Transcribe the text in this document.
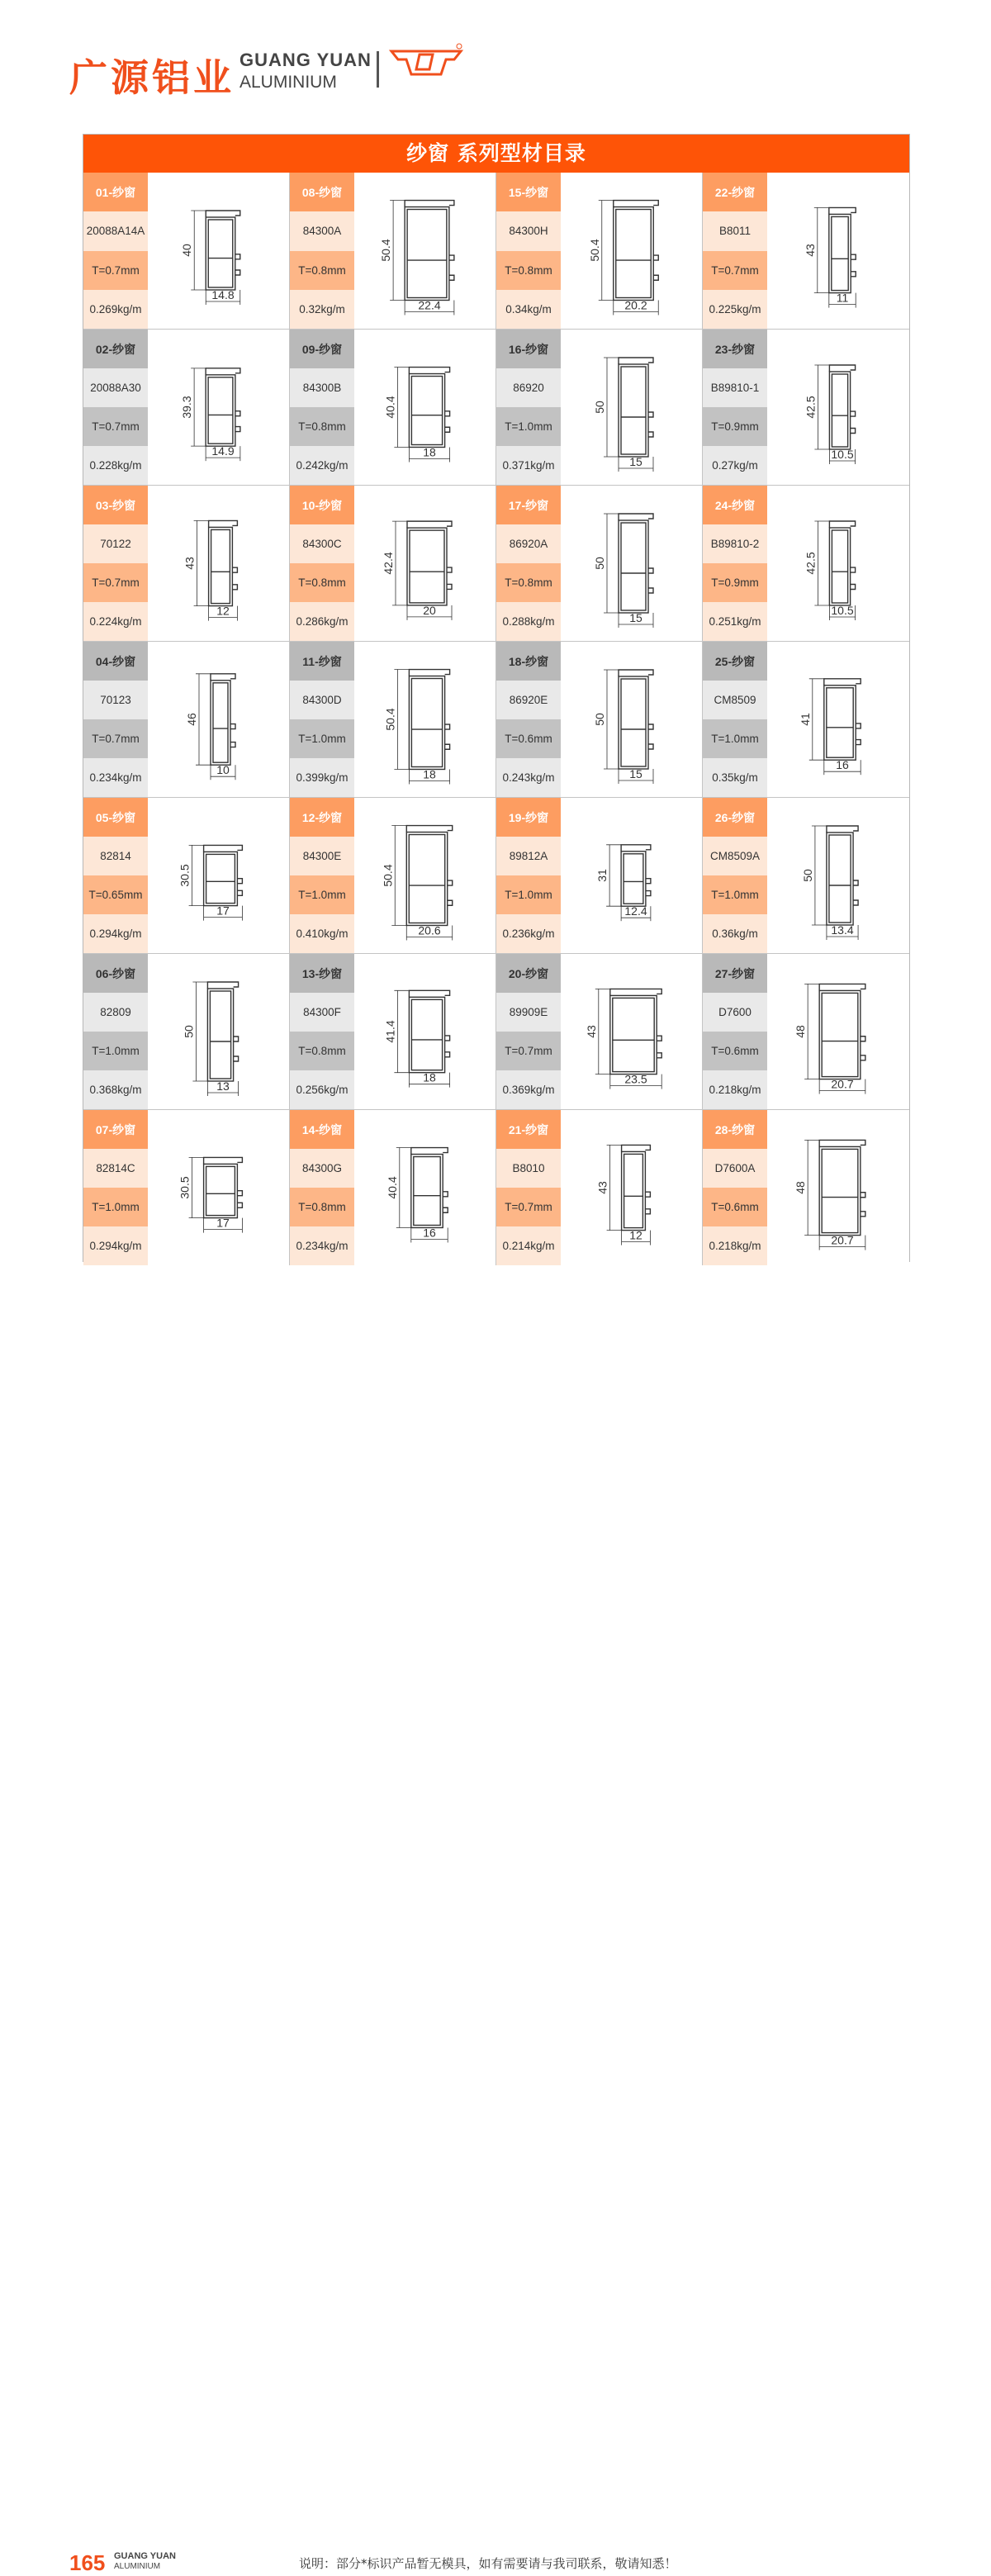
广源铝业 GUANG YUAN
ALUMINIUM
纱窗 系列型材目录
01-纱窗
20088A14A
T=0.7mm
0.269kg/m
40
14.8
08-纱窗
84300A
T=0.8mm
0.32kg/m
50.4
22.4
15-纱窗
84300H
T=0.8mm
0.34kg/m
50.4
20.2
22-纱窗
B8011
T=0.7mm
0.225kg/m
43
11
02-纱窗
20088A30
T=0.7mm
0.228kg/m
39.3
14.9
09-纱窗
84300B
T=0.8mm
0.242kg/m
40.4
18
16-纱窗
86920
T=1.0mm
0.371kg/m
50
15
23-纱窗
B89810-1
T=0.9mm
0.27kg/m
42.5
10.5
03-纱窗
70122
T=0.7mm
0.224kg/m
43
12
10-纱窗
84300C
T=0.8mm
0.286kg/m
42.4
20
17-纱窗
86920A
T=0.8mm
0.288kg/m
50
15
24-纱窗
B89810-2
T=0.9mm
0.251kg/m
42.5
10.5
04-纱窗
70123
T=0.7mm
0.234kg/m
46
10
11-纱窗
84300D
T=1.0mm
0.399kg/m
50.4
18
18-纱窗
86920E
T=0.6mm
0.243kg/m
50
15
25-纱窗
CM8509
T=1.0mm
0.35kg/m
41
16
05-纱窗
82814
T=0.65mm
0.294kg/m
30.5
17
12-纱窗
84300E
T=1.0mm
0.410kg/m
50.4
20.6
19-纱窗
89812A
T=1.0mm
0.236kg/m
31
12.4
26-纱窗
CM8509A
T=1.0mm
0.36kg/m
50
13.4
06-纱窗
82809
T=1.0mm
0.368kg/m
50
13
13-纱窗
84300F
T=0.8mm
0.256kg/m
41.4
18
20-纱窗
89909E
T=0.7mm
0.369kg/m
43
23.5
27-纱窗
D7600
T=0.6mm
0.218kg/m
48
20.7
07-纱窗
82814C
T=1.0mm
0.294kg/m
30.5
17
14-纱窗
84300G
T=0.8mm
0.234kg/m
40.4
16
21-纱窗
B8010
T=0.7mm
0.214kg/m
43
12
28-纱窗
D7600A
T=0.6mm
0.218kg/m
48
20.7
165 GUANG YUAN
ALUMINIUM	说明：部分*标识产品暂无模具，如有需要请与我司联系，敬请知悉！
